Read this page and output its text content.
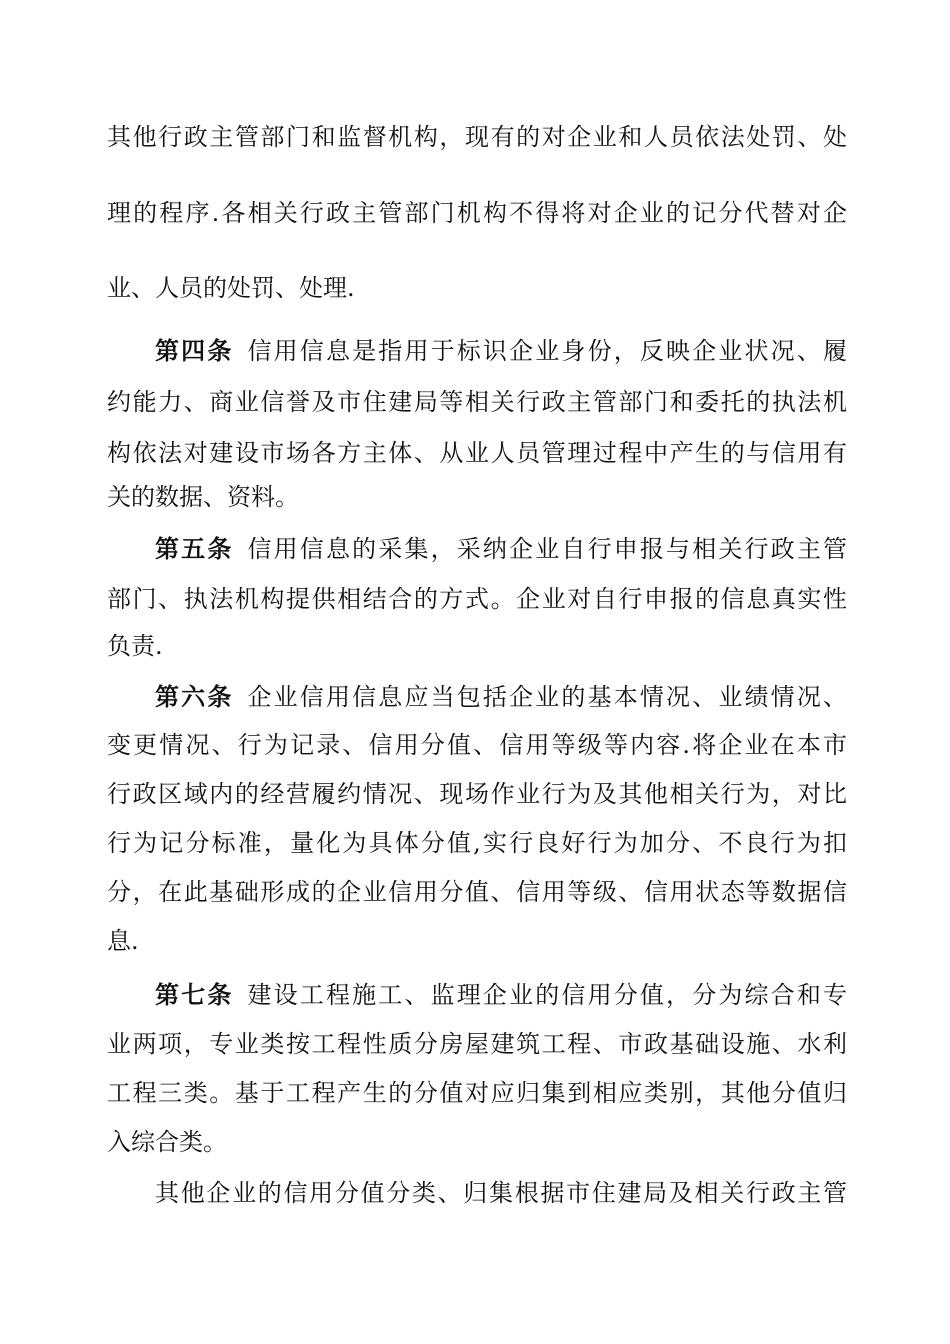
其他行政主管部门和监督机构，现有的对企业和人员依法处罚、处
理的程序.各相关行政主管部门机构不得将对企业的记分代替对企
业、人员的处罚、处理.
第四条 信用信息是指用于标识企业身份，反映企业状况、履
约能力、商业信誉及市住建局等相关行政主管部门和委托的执法机
构依法对建设市场各方主体、从业人员管理过程中产生的与信用有
关的数据、资料。
第五条 信用信息的采集，采纳企业自行申报与相关行政主管
部门、执法机构提供相结合的方式。企业对自行申报的信息真实性
负责.
第六条 企业信用信息应当包括企业的基本情况、业绩情况、
变更情况、行为记录、信用分值、信用等级等内容.将企业在本市
行政区域内的经营履约情况、现场作业行为及其他相关行为，对比
行为记分标准，量化为具体分值,实行良好行为加分、不良行为扣
分，在此基础形成的企业信用分值、信用等级、信用状态等数据信
息.
第七条 建设工程施工、监理企业的信用分值，分为综合和专
业两项，专业类按工程性质分房屋建筑工程、市政基础设施、水利
工程三类。基于工程产生的分值对应归集到相应类别，其他分值归
入综合类。
其他企业的信用分值分类、归集根据市住建局及相关行政主管
